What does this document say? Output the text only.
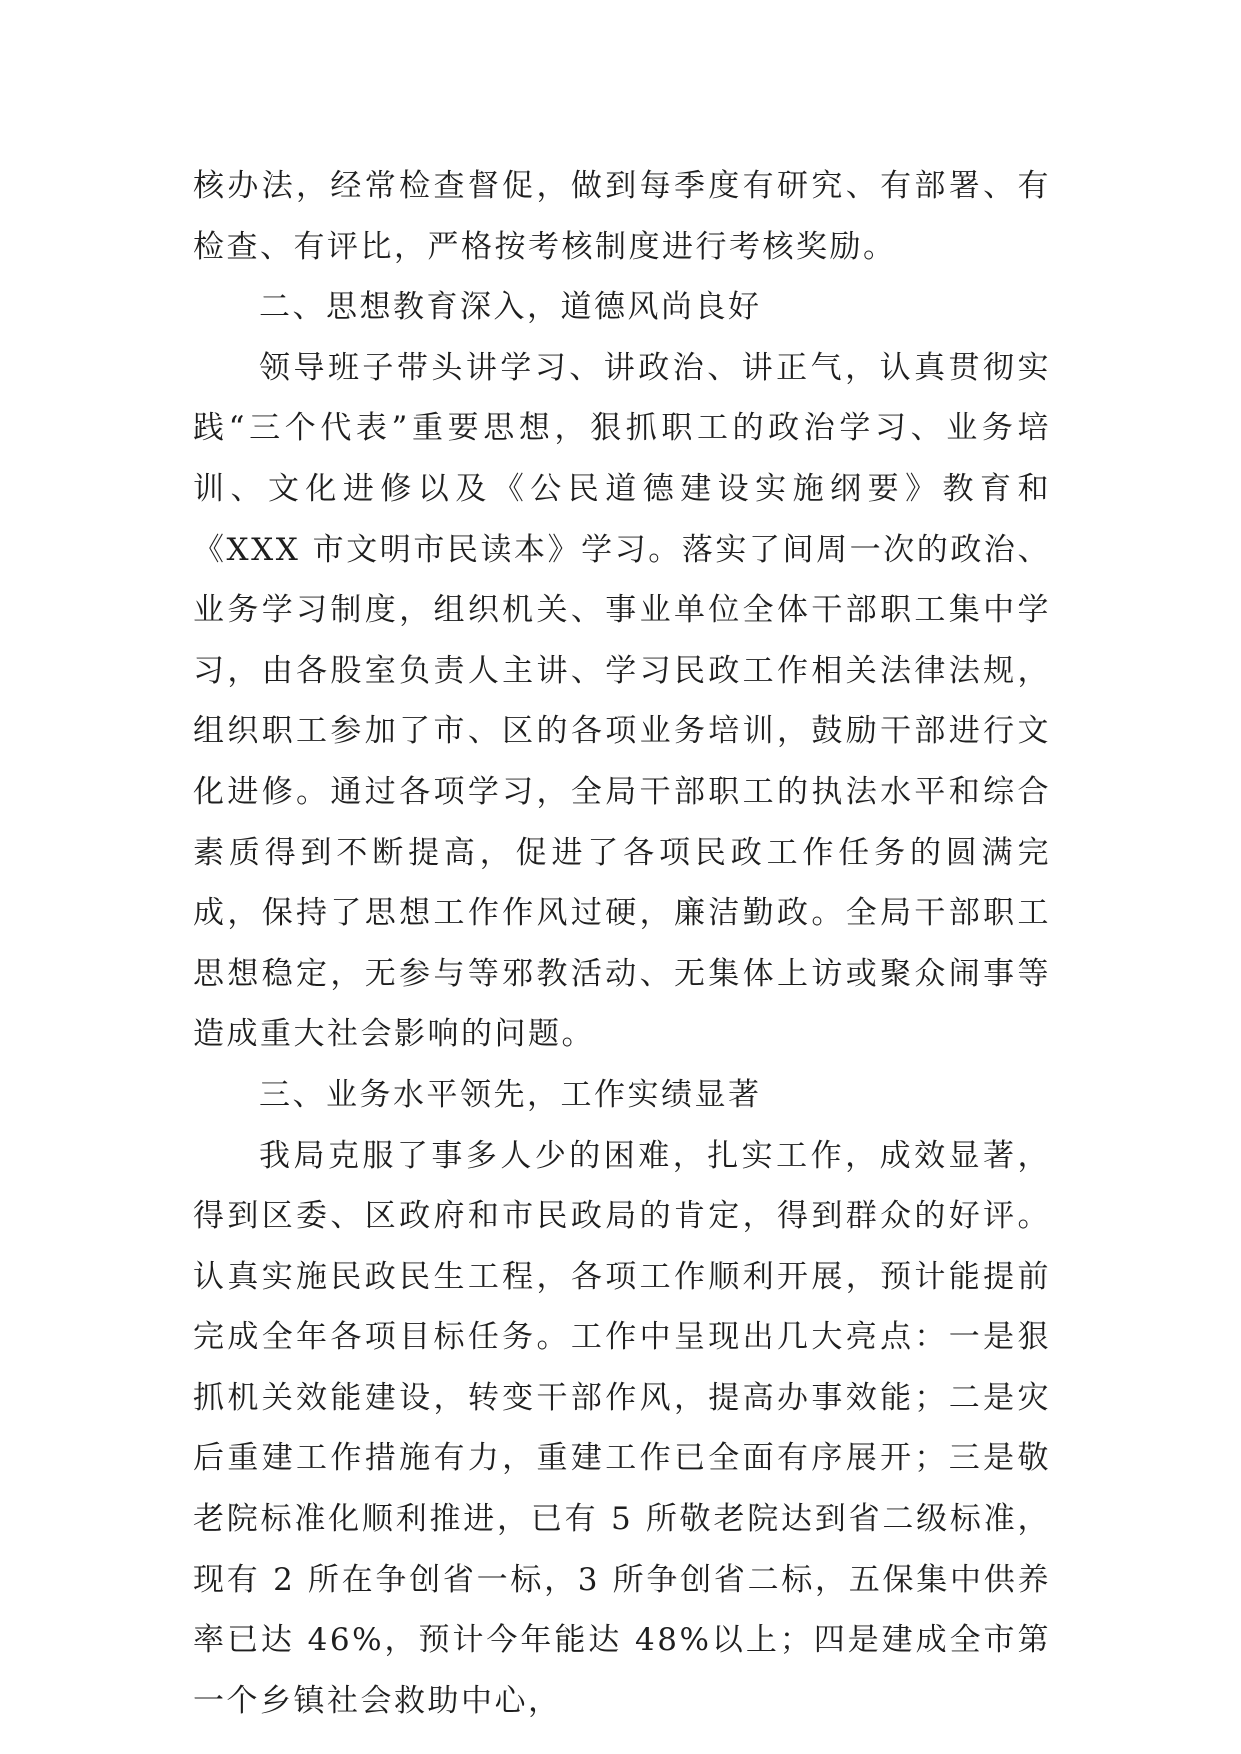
核办法，经常检查督促，做到每季度有研究、有部署、有检查、有评比，严格按考核制度进行考核奖励。

二、思想教育深入，道德风尚良好

领导班子带头讲学习、讲政治、讲正气，认真贯彻实践“三个代表”重要思想，狠抓职工的政治学习、业务培训、文化进修以及《公民道德建设实施纲要》教育和《XXX 市文明市民读本》学习。落实了间周一次的政治、业务学习制度，组织机关、事业单位全体干部职工集中学习，由各股室负责人主讲、学习民政工作相关法律法规，组织职工参加了市、区的各项业务培训，鼓励干部进行文化进修。通过各项学习，全局干部职工的执法水平和综合素质得到不断提高，促进了各项民政工作任务的圆满完成，保持了思想工作作风过硬，廉洁勤政。全局干部职工思想稳定，无参与等邪教活动、无集体上访或聚众闹事等造成重大社会影响的问题。

三、业务水平领先，工作实绩显著

我局克服了事多人少的困难，扎实工作，成效显著，得到区委、区政府和市民政局的肯定，得到群众的好评。认真实施民政民生工程，各项工作顺利开展，预计能提前完成全年各项目标任务。工作中呈现出几大亮点：一是狠抓机关效能建设，转变干部作风，提高办事效能；二是灾后重建工作措施有力，重建工作已全面有序展开；三是敬老院标准化顺利推进，已有 5 所敬老院达到省二级标准，现有 2 所在争创省一标，3 所争创省二标，五保集中供养率已达 46%，预计今年能达 48%以上；四是建成全市第一个乡镇社会救助中心，
